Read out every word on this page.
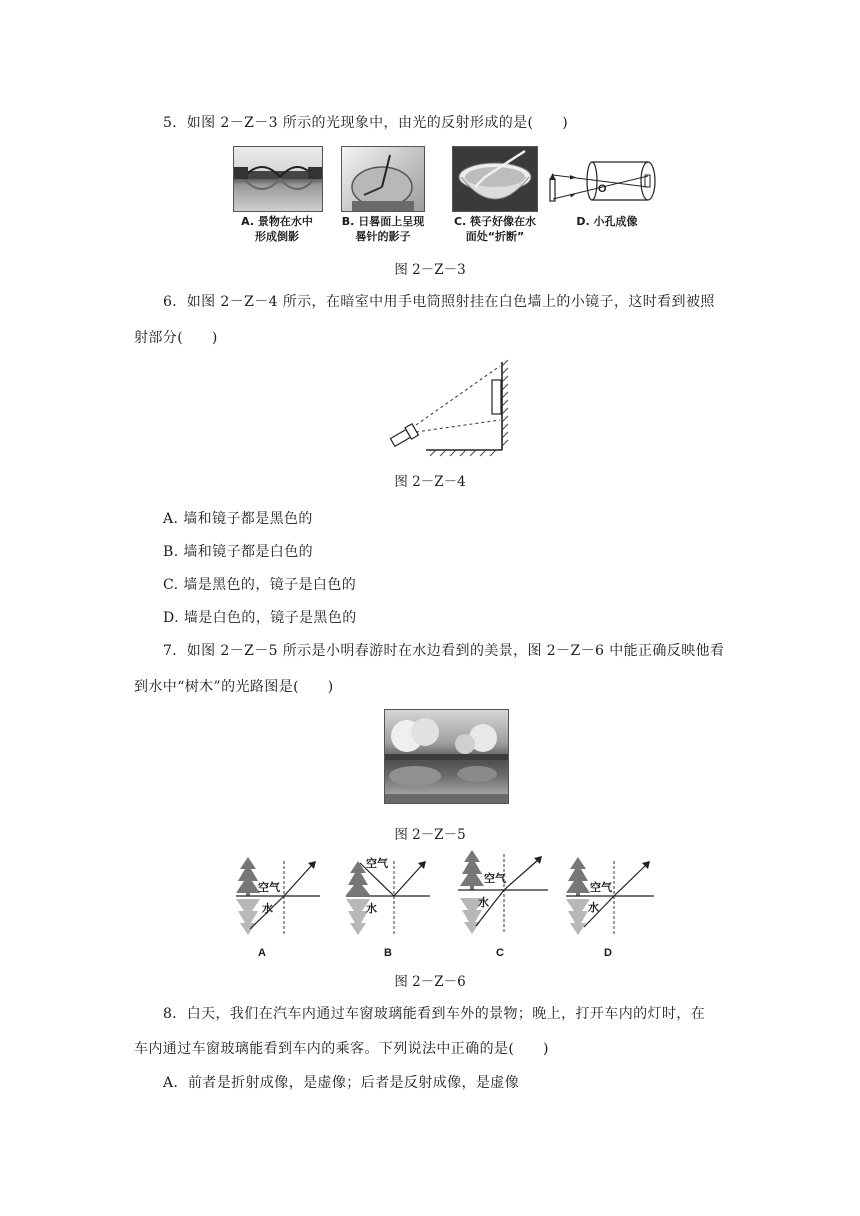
5．如图 2－Z－3 所示的光现象中，由光的反射形成的是(　　)
O
A. 景物在水中
形成倒影
B. 日晷面上呈现
晷针的影子
C. 筷子好像在水
面处“折断”
D. 小孔成像
图 2－Z－3
6．如图 2－Z－4 所示，在暗室中用手电筒照射挂在白色墙上的小镜子，这时看到被照
射部分(　　)
图 2－Z－4
A. 墙和镜子都是黑色的
B. 墙和镜子都是白色的
C. 墙是黑色的，镜子是白色的
D. 墙是白色的，镜子是黑色的
7．如图 2－Z－5 所示是小明春游时在水边看到的美景，图 2－Z－6 中能正确反映他看
到水中“树木”的光路图是(　　)
图 2－Z－5
空气
水
A
空气
水
B
空气
水
C
空气
水
D
图 2－Z－6
8．白天，我们在汽车内通过车窗玻璃能看到车外的景物；晚上，打开车内的灯时，在
车内通过车窗玻璃能看到车内的乘客。下列说法中正确的是(　　)
A．前者是折射成像，是虚像；后者是反射成像，是虚像
